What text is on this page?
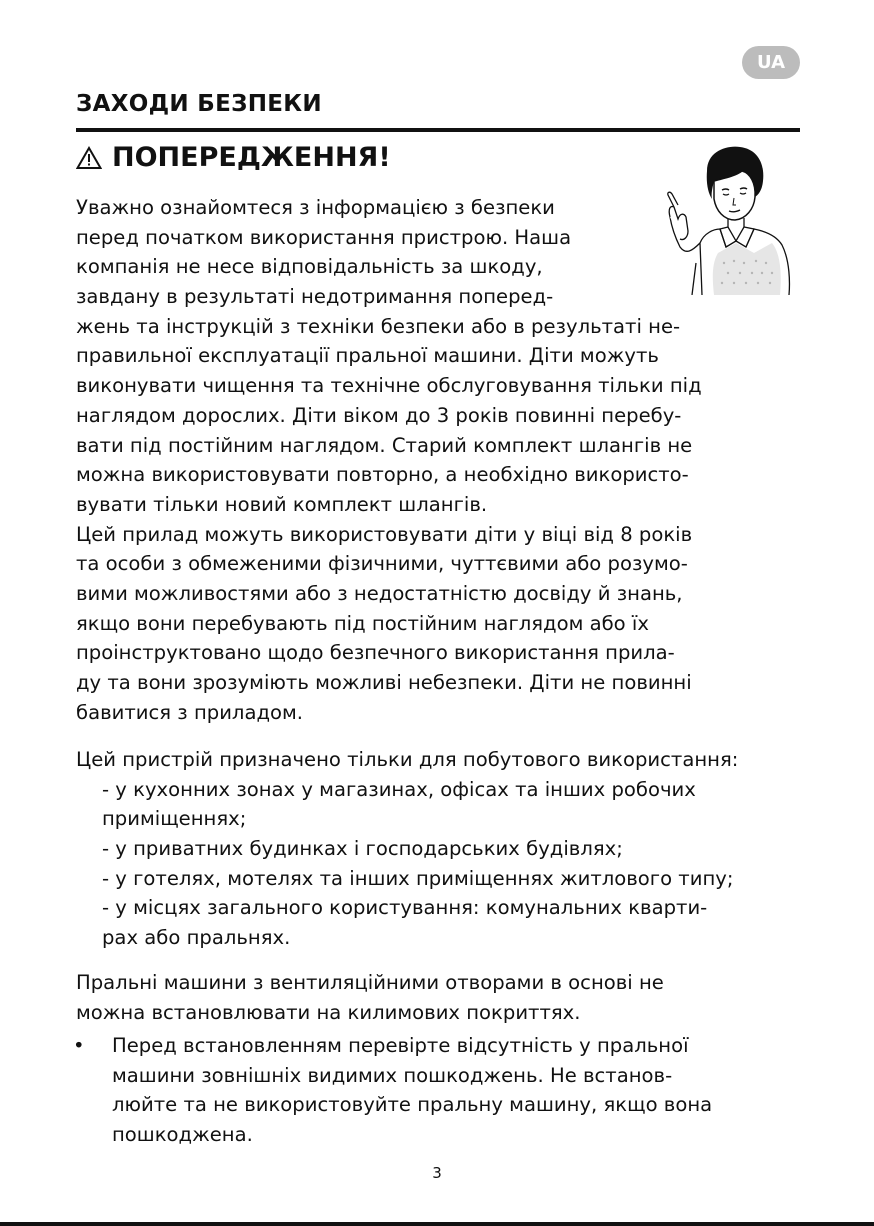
UA
ЗАХОДИ БЕЗПЕКИ
ПОПЕРЕДЖЕННЯ!
Уважно ознайомтеся з інформацією з безпеки
перед початком використання пристрою. Наша
компанія не несе відповідальність за шкоду,
завдану в результаті недотримання поперед-
жень та інструкцій з техніки безпеки або в результаті не-
правильної експлуатації пральної машини. Діти можуть
виконувати чищення та технічне обслуговування тільки під
наглядом дорослих. Діти віком до 3 років повинні перебу-
вати під постійним наглядом. Старий комплект шлангів не
можна використовувати повторно, а необхідно використо-
вувати тільки новий комплект шлангів.
Цей прилад можуть використовувати діти у віці від 8 років
та особи з обмеженими фізичними, чуттєвими або розумо-
вими можливостями або з недостатністю досвіду й знань,
якщо вони перебувають під постійним наглядом або їх
проінструктовано щодо безпечного використання прила-
ду та вони зрозуміють можливі небезпеки. Діти не повинні
бавитися з приладом.
Цей пристрій призначено тільки для побутового використання:
- у кухонних зонах у магазинах, офісах та інших робочих
приміщеннях;
- у приватних будинках і господарських будівлях;
- у готелях, мотелях та інших приміщеннях житлового типу;
- у місцях загального користування: комунальних кварти-
рах або пральнях.
Пральні машини з вентиляційними отворами в основі не
можна встановлювати на килимових покриттях.
• Перед встановленням перевірте відсутність у пральної
машини зовнішніх видимих пошкоджень. Не встанов-
люйте та не використовуйте пральну машину, якщо вона
пошкоджена.
3
